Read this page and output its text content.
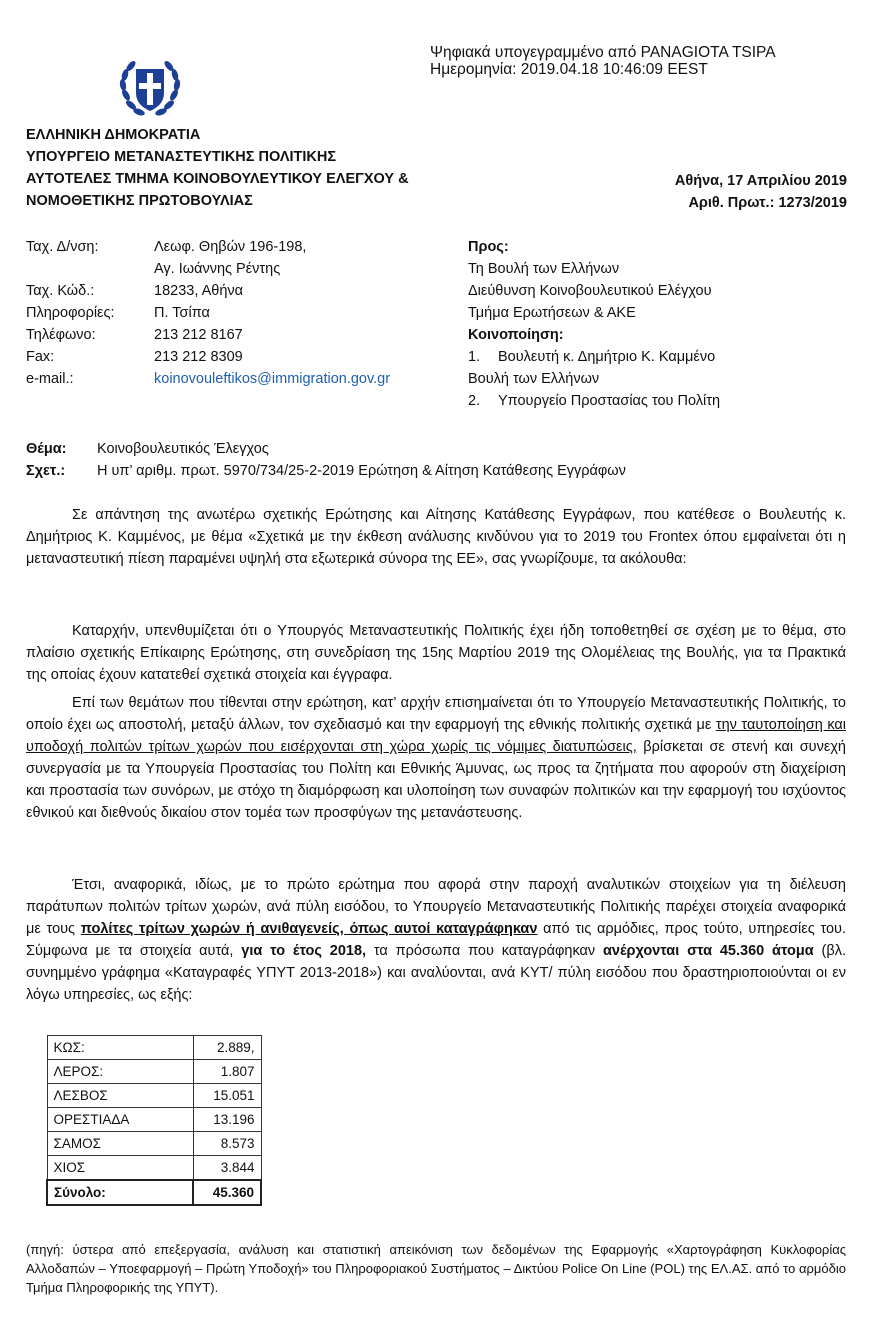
Ψηφιακά υπογεγραμμένο από PANAGIOTA TSIPA
Ημερομηνία: 2019.04.18 10:46:09 EEST
ΕΛΛΗΝΙΚΗ ΔΗΜΟΚΡΑΤΙΑ
ΥΠΟΥΡΓΕΙΟ ΜΕΤΑΝΑΣΤΕΥΤΙΚΗΣ ΠΟΛΙΤΙΚΗΣ
ΑΥΤΟΤΕΛΕΣ ΤΜΗΜΑ ΚΟΙΝΟΒΟΥΛΕΥΤΙΚΟΥ ΕΛΕΓΧΟΥ &
ΝΟΜΟΘΕΤΙΚΗΣ ΠΡΩΤΟΒΟΥΛΙΑΣ
Αθήνα, 17 Απριλίου 2019
Αριθ. Πρωτ.: 1273/2019
Ταχ. Δ/νση:	Λεωφ. Θηβών 196-198,
Αγ. Ιωάννης Ρέντης
Ταχ. Κώδ.:	18233, Αθήνα
Πληροφορίες:	Π. Τσίπα
Τηλέφωνο:	213 212 8167
Fax:	213 212 8309
e-mail.:	koinovouleftikos@immigration.gov.gr
Προς:
Τη Βουλή των Ελλήνων
Διεύθυνση Κοινοβουλευτικού Ελέγχου
Τμήμα Ερωτήσεων & ΑΚΕ
Κοινοποίηση:
1. Βουλευτή κ. Δημήτριο Κ. Καμμένο
Βουλή των Ελλήνων
2. Υπουργείο Προστασίας του Πολίτη
Θέμα:	Κοινοβουλευτικός Έλεγχος
Σχετ.:	Η υπ’ αριθμ. πρωτ. 5970/734/25-2-2019 Ερώτηση & Αίτηση Κατάθεσης Εγγράφων
Σε απάντηση της ανωτέρω σχετικής Ερώτησης και Αίτησης Κατάθεσης Εγγράφων, που κατέθεσε ο Βουλευτής κ. Δημήτριος Κ. Καμμένος, με θέμα «Σχετικά με την έκθεση ανάλυσης κινδύνου για το 2019 του Frontex όπου εμφαίνεται ότι η μεταναστευτική πίεση παραμένει υψηλή στα εξωτερικά σύνορα της ΕΕ», σας γνωρίζουμε, τα ακόλουθα:
Καταρχήν, υπενθυμίζεται ότι ο Υπουργός Μεταναστευτικής Πολιτικής έχει ήδη τοποθετηθεί σε σχέση με το θέμα, στο πλαίσιο σχετικής Επίκαιρης Ερώτησης, στη συνεδρίαση της 15ης Μαρτίου 2019 της Ολομέλειας της Βουλής, για τα Πρακτικά της οποίας έχουν κατατεθεί σχετικά στοιχεία και έγγραφα.
Επί των θεμάτων που τίθενται στην ερώτηση, κατ’ αρχήν επισημαίνεται ότι το Υπουργείο Μεταναστευτικής Πολιτικής, το οποίο έχει ως αποστολή, μεταξύ άλλων, τον σχεδιασμό και την εφαρμογή της εθνικής πολιτικής σχετικά με την ταυτοποίηση και υποδοχή πολιτών τρίτων χωρών που εισέρχονται στη χώρα χωρίς τις νόμιμες διατυπώσεις, βρίσκεται σε στενή και συνεχή συνεργασία με τα Υπουργεία Προστασίας του Πολίτη και Εθνικής Άμυνας, ως προς τα ζητήματα που αφορούν στη διαχείριση και προστασία των συνόρων, με στόχο τη διαμόρφωση και υλοποίηση των συναφών πολιτικών και την εφαρμογή του ισχύοντος εθνικού και διεθνούς δικαίου στον τομέα των προσφύγων της μετανάστευσης.
Έτσι, αναφορικά, ιδίως, με το πρώτο ερώτημα που αφορά στην παροχή αναλυτικών στοιχείων για τη διέλευση παράτυπων πολιτών τρίτων χωρών, ανά πύλη εισόδου, το Υπουργείο Μεταναστευτικής Πολιτικής παρέχει στοιχεία αναφορικά με τους πολίτες τρίτων χωρών ή ανιθαγενείς, όπως αυτοί καταγράφηκαν από τις αρμόδιες, προς τούτο, υπηρεσίες του. Σύμφωνα με τα στοιχεία αυτά, για το έτος 2018, τα πρόσωπα που καταγράφηκαν ανέρχονται στα 45.360 άτομα (βλ. συνημμένο γράφημα «Καταγραφές ΥΠΥΤ 2013-2018») και αναλύονται, ανά ΚΥΤ/ πύλη εισόδου που δραστηριοποιούνται οι εν λόγω υπηρεσίες, ως εξής:
ΚΩΣ:	2.889,
ΛΕΡΟΣ:	1.807
ΛΕΣΒΟΣ	15.051
ΟΡΕΣΤΙΑΔΑ	13.196
ΣΑΜΟΣ	8.573
ΧΙΟΣ	3.844
Σύνολο:	45.360
(πηγή: ύστερα από επεξεργασία, ανάλυση και στατιστική απεικόνιση των δεδομένων της Εφαρμογής «Χαρτογράφηση Κυκλοφορίας Αλλοδαπών – Υποεφαρμογή – Πρώτη Υποδοχή» του Πληροφοριακού Συστήματος – Δικτύου Police On Line (POL) της ΕΛ.ΑΣ. από το αρμόδιο Τμήμα Πληροφορικής της ΥΠΥΤ).
